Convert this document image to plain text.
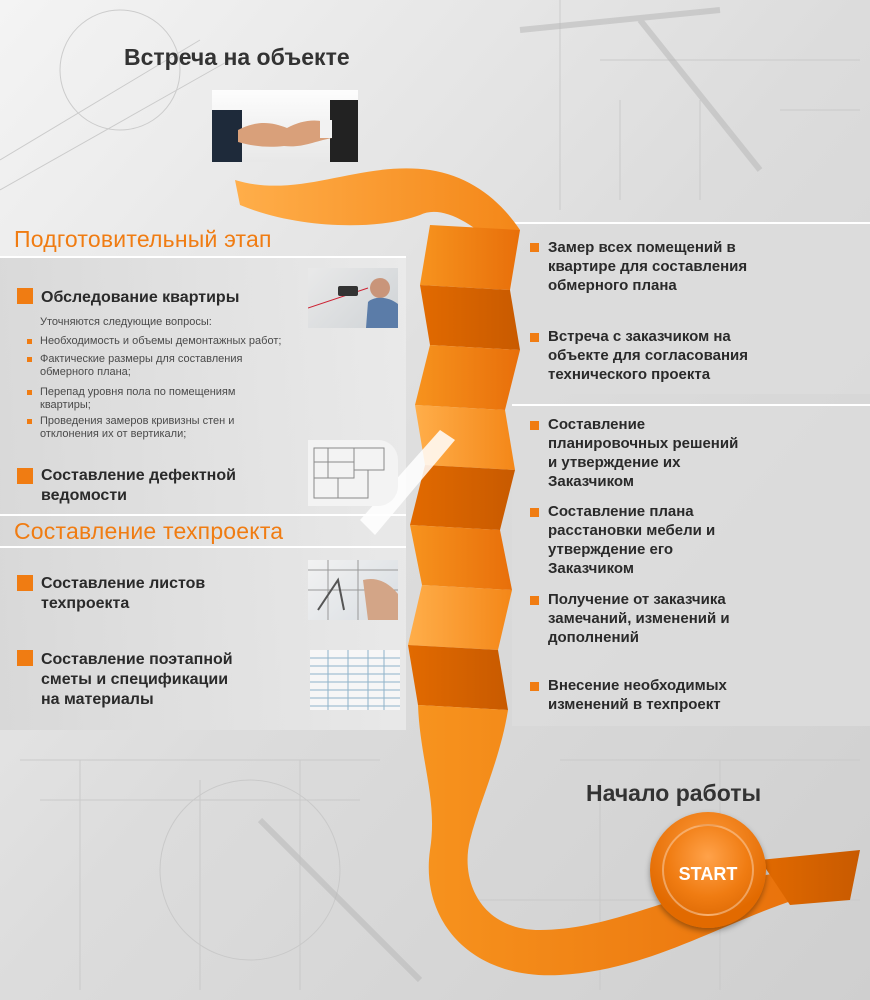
Встреча на объекте
Подготовительный этап

Обследование квартиры

Уточняются следующие вопросы:

Необходимость и объемы демонтажных работ;

Фактические размеры для составления

обмерного плана;

Перепад уровня пола по помещениям

квартиры;

Проведения замеров кривизны стен и

отклонения их от вертикали;

Составление дефектной

ведомости

Составление техпроекта

Составление листов

техпроекта

Составление поэтапной

сметы и спецификации

на материалы

Замер всех помещений в
квартире для составления
обмерного плана

Встреча с заказчиком на
объекте для согласования
технического проекта

Составление
планировочных решений
и утверждение их
Заказчиком

Составление плана
расстановки мебели и
утверждение его
Заказчиком

Получение от заказчика
замечаний, изменений и
дополнений

Внесение необходимых
изменений в техпроект

Начало работы

START
